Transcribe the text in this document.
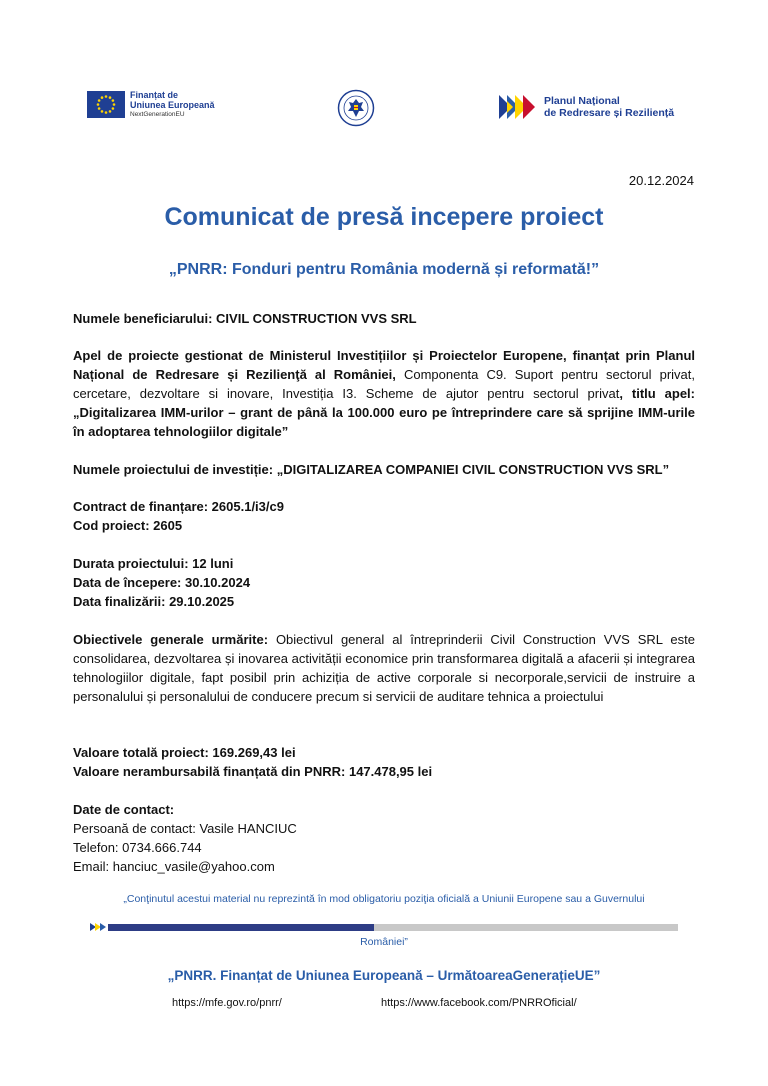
Finanțat de
Uniunea Europeană
NextGenerationEU
Planul Național
de Redresare și Reziliență
20.12.2024
Comunicat de presă incepere proiect
„PNRR: Fonduri pentru România modernă și reformată!”

Numele beneficiarului: CIVIL CONSTRUCTION VVS SRL

Apel de proiecte gestionat de Ministerul Investițiilor și Proiectelor Europene, finanțat prin Planul Național de Redresare și Rezilienţă al României, Componenta C9. Suport pentru sectorul privat, cercetare, dezvoltare si inovare, Investiția I3. Scheme de ajutor pentru sectorul privat, titlu apel: „Digitalizarea IMM-urilor – grant de până la 100.000 euro pe întreprindere care să sprijine IMM-urile în adoptarea tehnologiilor digitale”

Numele proiectului de investiție: „DIGITALIZAREA COMPANIEI CIVIL CONSTRUCTION VVS SRL”

Contract de finanțare: 2605.1/i3/c9

Cod proiect: 2605

Durata proiectului: 12 luni

Data de începere: 30.10.2024

Data finalizării: 29.10.2025

Obiectivele generale urmărite: Obiectivul general al întreprinderii Civil Construction VVS SRL este consolidarea, dezvoltarea și inovarea activității economice prin transformarea digitală a afacerii și integrarea tehnologiilor digitale, fapt posibil prin achiziția de active corporale si necorporale,servicii de instruire a personalului și personalului de conducere precum si servicii de auditare tehnica a proiectului

Valoare totală proiect: 169.269,43 lei

Valoare nerambursabilă finanțată din PNRR: 147.478,95 lei

Date de contact:

Persoană de contact: Vasile HANCIUC

Telefon: 0734.666.744

Email: hanciuc_vasile@yahoo.com

„Conţinutul acestui material nu reprezintă în mod obligatoriu poziţia oficială a Uniunii Europene sau a Guvernului
României”
„PNRR. Finanțat de Uniunea Europeană – UrmătoareaGenerațieUE”
https://mfe.gov.ro/pnrr/	https://www.facebook.com/PNRROficial/
